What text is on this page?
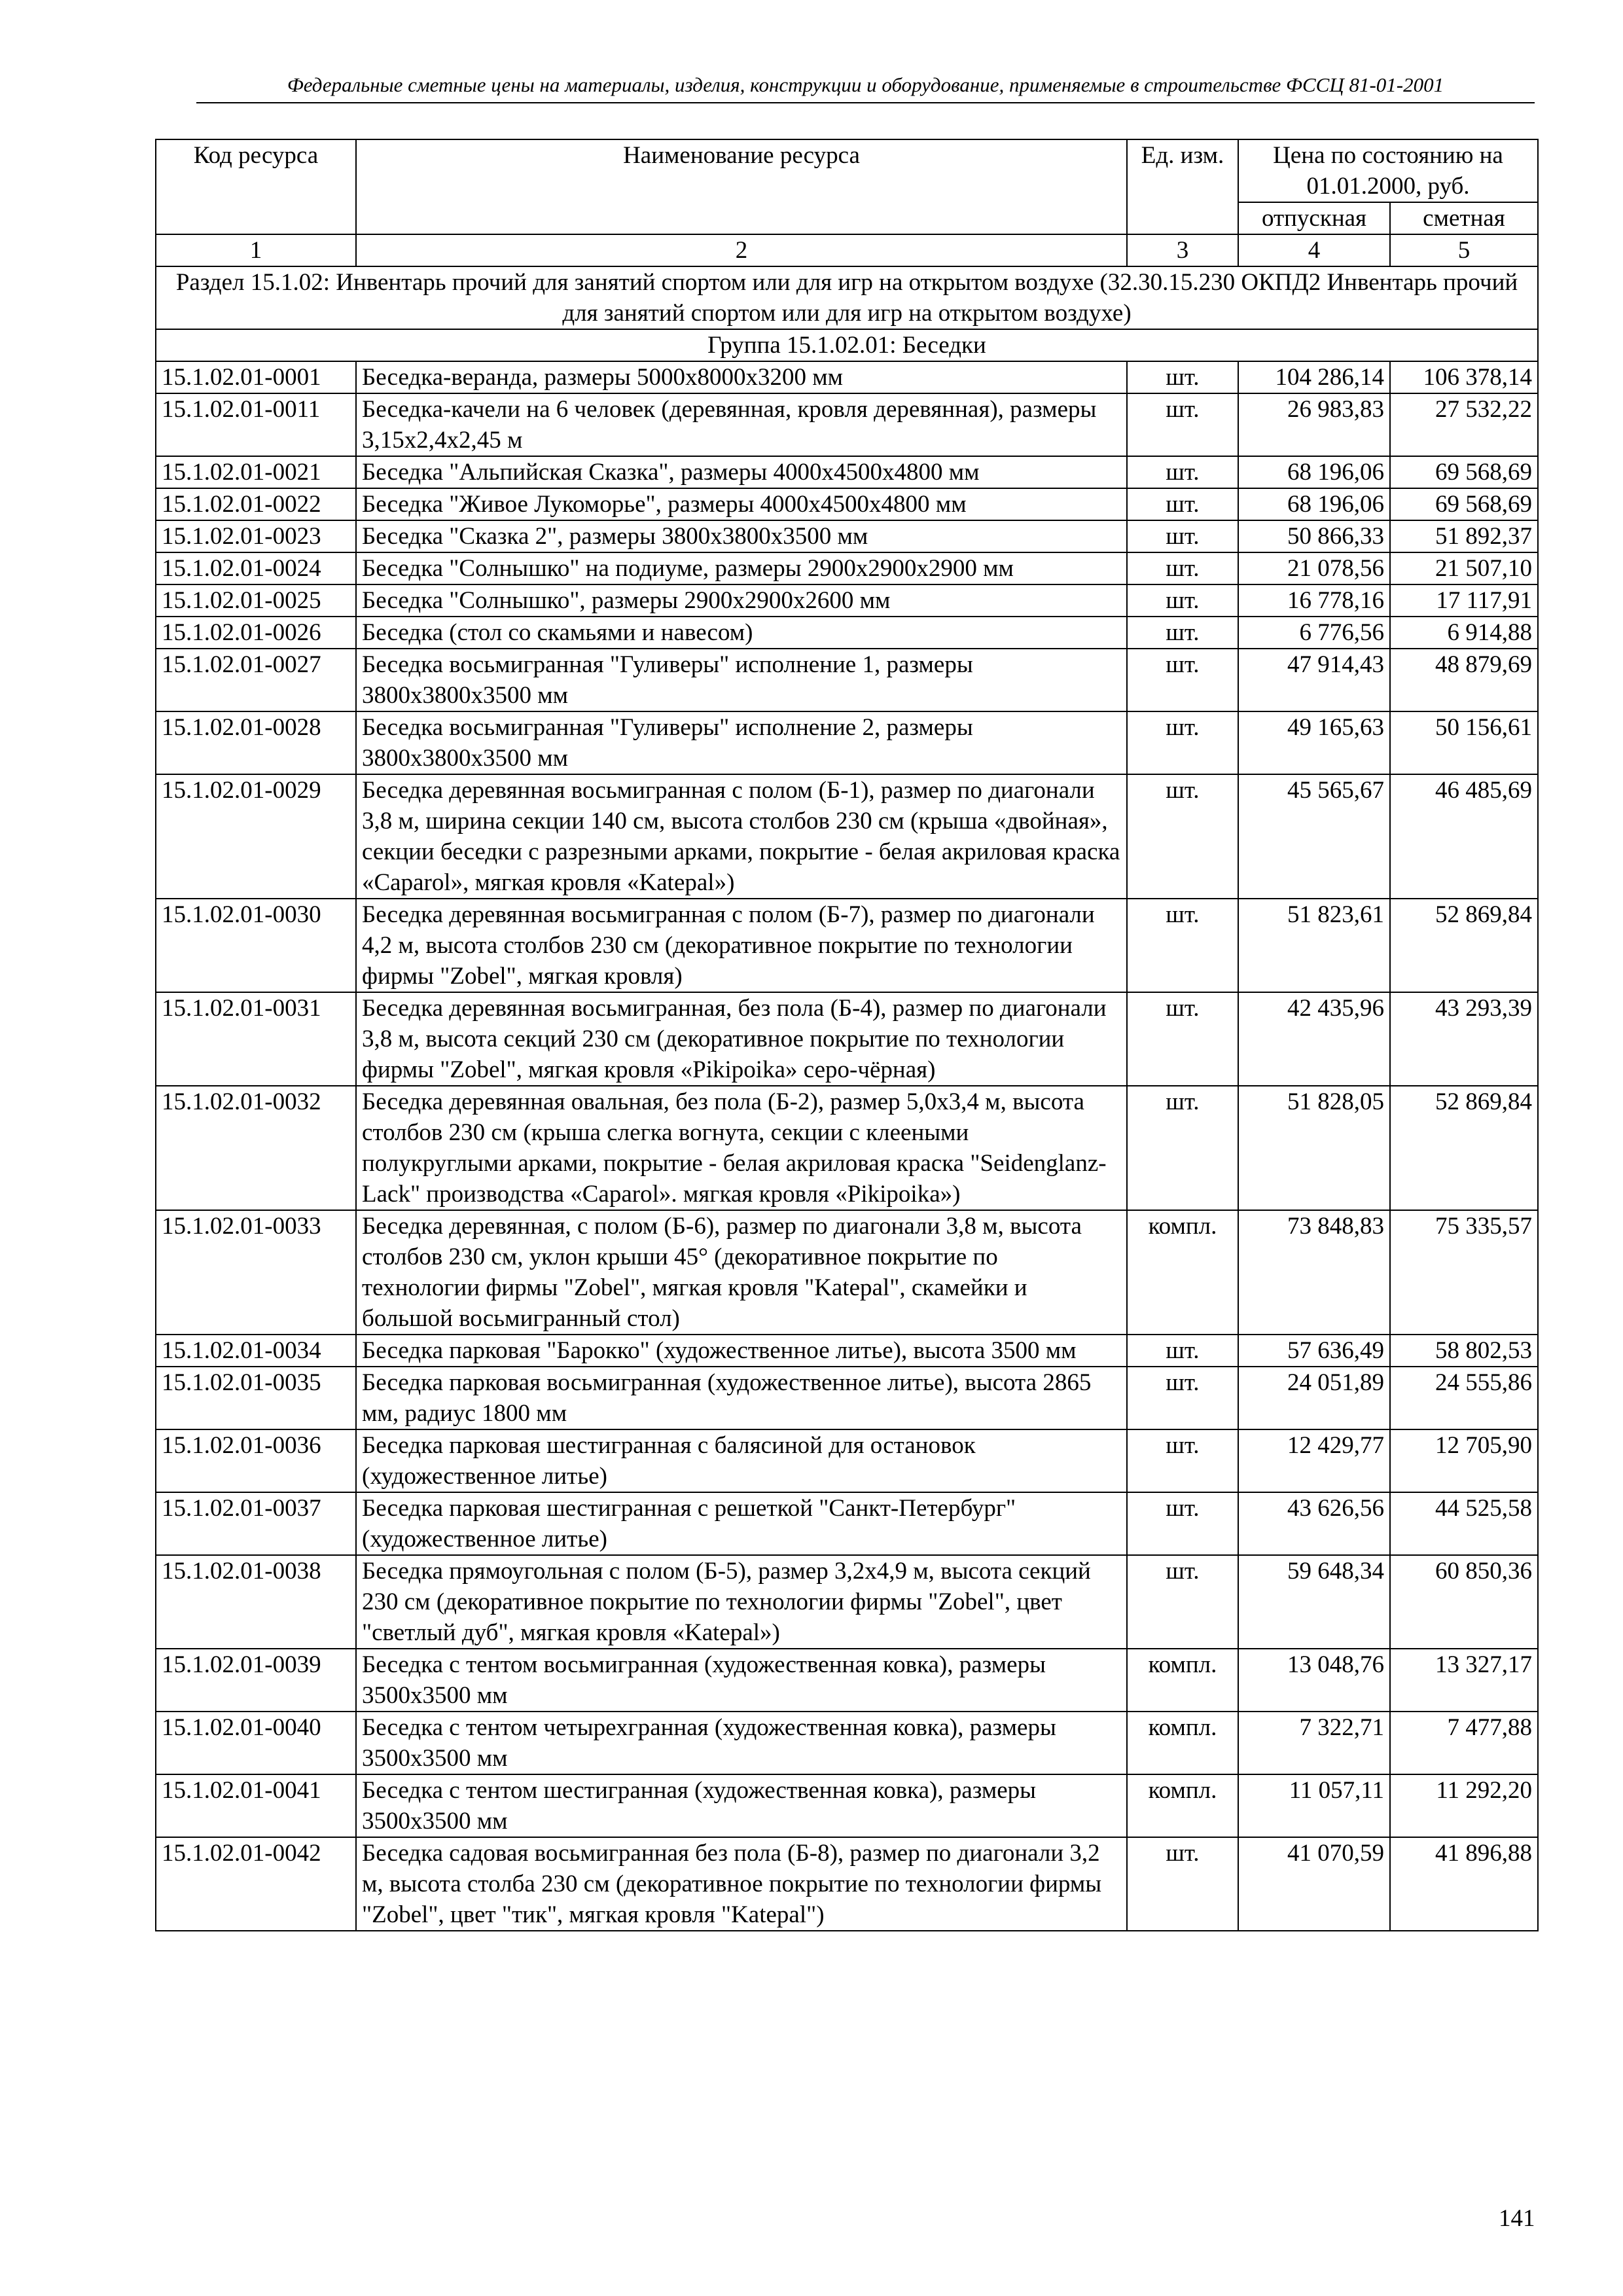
Федеральные сметные цены на материалы, изделия, конструкции и оборудование, применяемые в строительстве ФССЦ 81-01-2001
Код ресурса	Наименование ресурса	Ед. изм.	Цена по состоянию на 01.01.2000, руб.	
			отпускная	сметная
1	2	3	4	5
Раздел 15.1.02: Инвентарь прочий для занятий спортом или для игр на открытом воздухе (32.30.15.230 ОКПД2 Инвентарь прочий для занятий спортом или для игр на открытом воздухе)				
Группа 15.1.02.01: Беседки				
15.1.02.01-0001	Беседка-веранда, размеры 5000х8000х3200 мм	шт.	104 286,14	106 378,14
15.1.02.01-0011	Беседка-качели на 6 человек (деревянная, кровля деревянная), размеры 3,15х2,4х2,45 м	шт.	26 983,83	27 532,22
15.1.02.01-0021	Беседка "Альпийская Сказка", размеры 4000х4500х4800 мм	шт.	68 196,06	69 568,69
15.1.02.01-0022	Беседка "Живое Лукоморье", размеры 4000х4500х4800 мм	шт.	68 196,06	69 568,69
15.1.02.01-0023	Беседка "Сказка 2", размеры 3800х3800х3500 мм	шт.	50 866,33	51 892,37
15.1.02.01-0024	Беседка "Солнышко" на подиуме, размеры 2900х2900х2900 мм	шт.	21 078,56	21 507,10
15.1.02.01-0025	Беседка "Солнышко", размеры 2900х2900х2600 мм	шт.	16 778,16	17 117,91
15.1.02.01-0026	Беседка (стол со скамьями и навесом)	шт.	6 776,56	6 914,88
15.1.02.01-0027	Беседка восьмигранная "Гуливеры" исполнение 1, размеры 3800х3800х3500 мм	шт.	47 914,43	48 879,69
15.1.02.01-0028	Беседка восьмигранная "Гуливеры" исполнение 2, размеры 3800х3800х3500 мм	шт.	49 165,63	50 156,61
15.1.02.01-0029	Беседка деревянная восьмигранная с полом (Б-1), размер по диагонали 3,8 м, ширина секции 140 см, высота столбов 230 см (крыша «двойная», секции беседки с разрезными арками, покрытие - белая акриловая краска «Caparol», мягкая кровля «Katepal»)	шт.	45 565,67	46 485,69
15.1.02.01-0030	Беседка деревянная восьмигранная с полом (Б-7), размер по диагонали 4,2 м, высота столбов 230 см (декоративное покрытие по технологии фирмы "Zobel", мягкая кровля)	шт.	51 823,61	52 869,84
15.1.02.01-0031	Беседка деревянная восьмигранная, без пола (Б-4), размер по диагонали 3,8 м, высота секций 230 см (декоративное покрытие по технологии фирмы "Zobel", мягкая кровля «Pikipoika» серо-чёрная)	шт.	42 435,96	43 293,39
15.1.02.01-0032	Беседка деревянная овальная, без пола (Б-2), размер 5,0х3,4 м, высота столбов 230 см (крыша слегка вогнута, секции с клееными полукруглыми арками, покрытие - белая акриловая краска "Seidenglanz-Lack" производства «Caparol». мягкая кровля «Pikipoika»)	шт.	51 828,05	52 869,84
15.1.02.01-0033	Беседка деревянная, с полом (Б-6), размер по диагонали 3,8 м, высота столбов 230 см, уклон крыши 45° (декоративное покрытие по технологии фирмы "Zobel", мягкая кровля "Katepal", скамейки и большой восьмигранный стол)	компл.	73 848,83	75 335,57
15.1.02.01-0034	Беседка парковая "Барокко" (художественное литье), высота 3500 мм	шт.	57 636,49	58 802,53
15.1.02.01-0035	Беседка парковая восьмигранная (художественное литье), высота 2865 мм, радиус 1800 мм	шт.	24 051,89	24 555,86
15.1.02.01-0036	Беседка парковая шестигранная с балясиной для остановок (художественное литье)	шт.	12 429,77	12 705,90
15.1.02.01-0037	Беседка парковая шестигранная с решеткой "Санкт-Петербург" (художественное литье)	шт.	43 626,56	44 525,58
15.1.02.01-0038	Беседка прямоугольная с полом (Б-5), размер 3,2х4,9 м, высота секций 230 см (декоративное покрытие по технологии фирмы "Zobel", цвет "светлый дуб", мягкая кровля «Katepal»)	шт.	59 648,34	60 850,36
15.1.02.01-0039	Беседка с тентом восьмигранная (художественная ковка), размеры 3500х3500 мм	компл.	13 048,76	13 327,17
15.1.02.01-0040	Беседка с тентом четырехгранная (художественная ковка), размеры 3500х3500 мм	компл.	7 322,71	7 477,88
15.1.02.01-0041	Беседка с тентом шестигранная (художественная ковка), размеры 3500х3500 мм	компл.	11 057,11	11 292,20
15.1.02.01-0042	Беседка садовая восьмигранная без пола (Б-8), размер по диагонали 3,2 м, высота столба 230 см (декоративное покрытие по технологии фирмы "Zobel", цвет "тик", мягкая кровля "Katepal")	шт.	41 070,59	41 896,88
141
